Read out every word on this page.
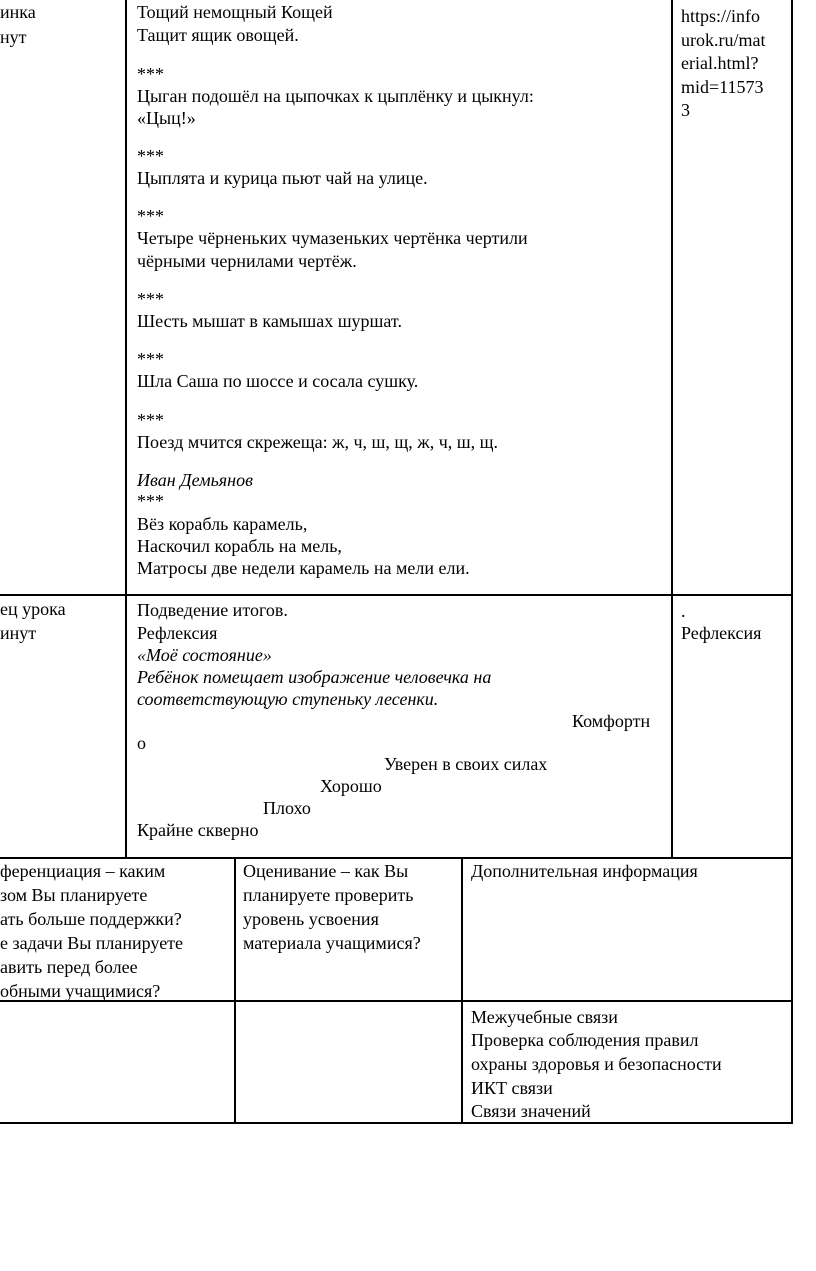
инка
нут
Тощий немощный Кощей
Тащит ящик овощей.
***
Цыган подошёл на цыпочках к цыплёнку и цыкнул:
«Цыц!»
***
Цыплята и курица пьют чай на улице.
***
Четыре чёрненьких чумазеньких чертёнка чертили
чёрными чернилами чертёж.
***
Шесть мышат в камышах шуршат.
***
Шла Саша по шоссе и сосала сушку.
***
Поезд мчится скрежеща: ж, ч, ш, щ, ж, ч, ш, щ.
Иван Демьянов
***
Вёз корабль карамель,
Наскочил корабль на мель,
Матросы две недели карамель на мели ели.
https://info
urok.ru/mat
erial.html?
mid=11573
3
ец урока
инут
Подведение итогов.
Рефлексия
«Моё состояние»
Ребёнок помещает изображение человечка на
соответствующую ступеньку лесенки.
Комфортн
о
Уверен в своих силах
Хорошо
Плохо
Крайне скверно
.
Рефлексия
ференциация – каким
зом Вы планируете
ать больше поддержки?
е задачи Вы планируете
авить перед более
обными учащимися?
Оценивание – как Вы
планируете проверить
уровень усвоения
материала учащимися?
Дополнительная информация
Межучебные связи
Проверка соблюдения правил
охраны здоровья и безопасности
ИКТ связи
Связи значений
